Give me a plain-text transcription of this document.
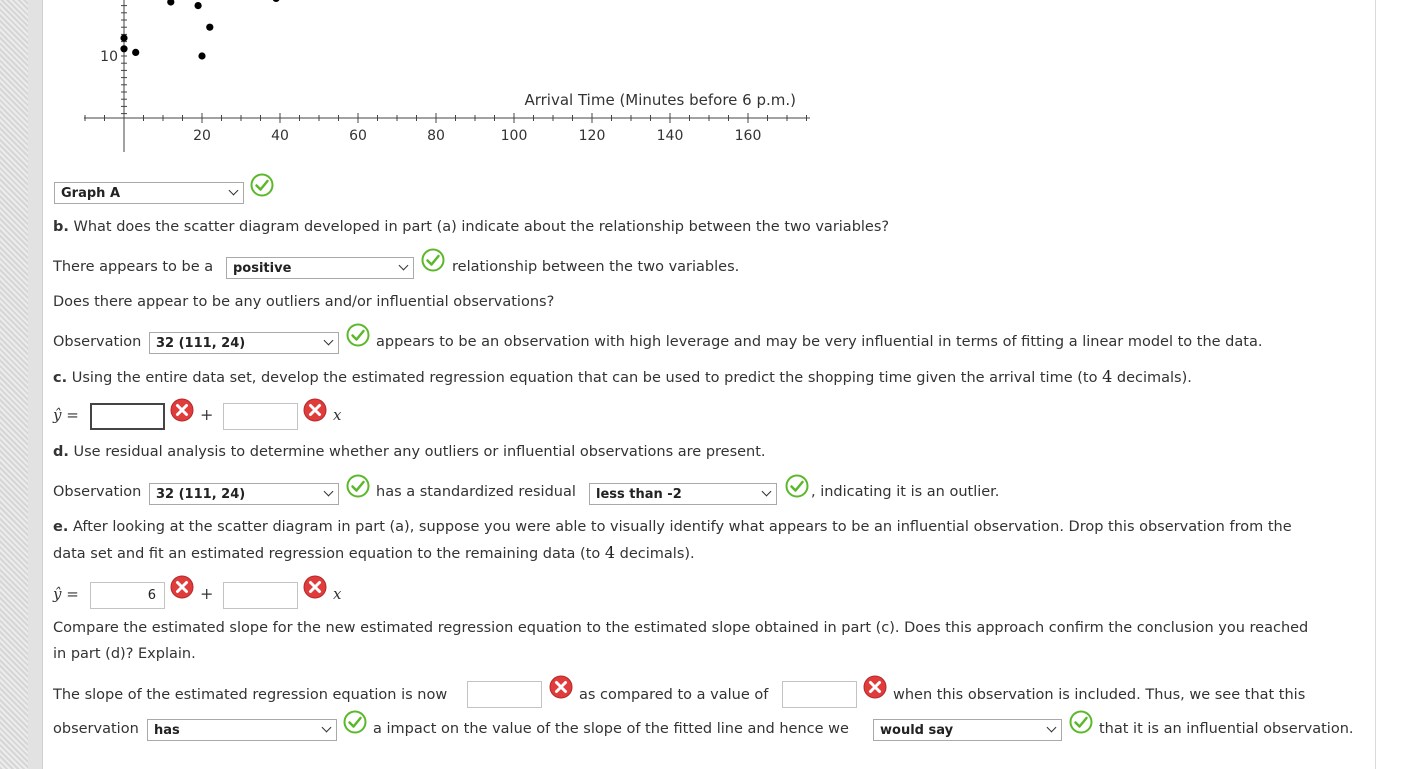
20	40	60	80	100	120	140	160
10
Arrival Time (Minutes before 6 p.m.)
Graph A
b. What does the scatter diagram developed in part (a) indicate about the relationship between the two variables?
There appears to be a	positive	relationship between the two variables.
Does there appear to be any outliers and/or influential observations?
Observation	32 (111, 24)	appears to be an observation with high leverage and may be very influential in terms of fitting a linear model to the data.
c. Using the entire data set, develop the estimated regression equation that can be used to predict the shopping time given the arrival time (to 4 decimals).
ŷ =	+	x
d. Use residual analysis to determine whether any outliers or influential observations are present.
Observation	32 (111, 24)	has a standardized residual	less than -2	, indicating it is an outlier.
e. After looking at the scatter diagram in part (a), suppose you were able to visually identify what appears to be an influential observation. Drop this observation from the
data set and fit an estimated regression equation to the remaining data (to 4 decimals).
ŷ =	6	+	x
Compare the estimated slope for the new estimated regression equation to the estimated slope obtained in part (c). Does this approach confirm the conclusion you reached
in part (d)? Explain.
The slope of the estimated regression equation is now	as compared to a value of	when this observation is included. Thus, we see that this
observation	has	a impact on the value of the slope of the fitted line and hence we	would say	that it is an influential observation.
